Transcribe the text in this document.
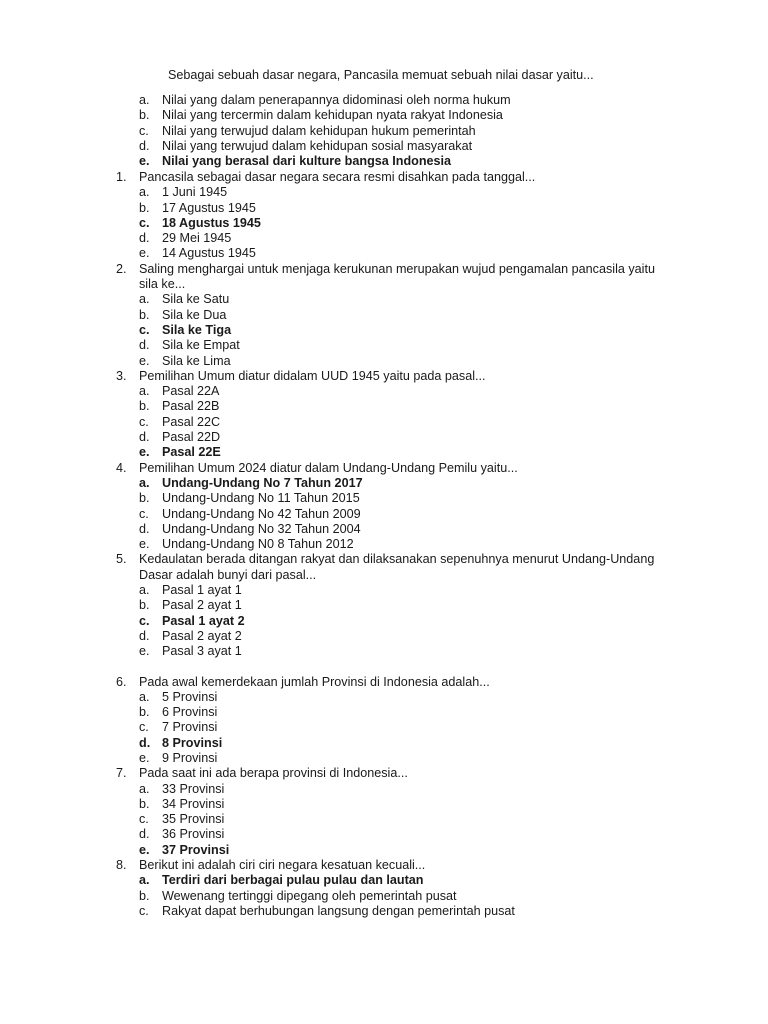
Sebagai sebuah dasar negara, Pancasila memuat sebuah nilai dasar yaitu...
a. Nilai yang dalam penerapannya didominasi oleh norma hukum
b. Nilai yang tercermin dalam kehidupan nyata rakyat Indonesia
c. Nilai yang terwujud dalam kehidupan hukum pemerintah
d. Nilai yang terwujud dalam kehidupan sosial masyarakat
e. Nilai yang berasal dari kulture bangsa Indonesia
1. Pancasila sebagai dasar negara secara resmi disahkan pada tanggal...
a. 1 Juni 1945
b. 17 Agustus 1945
c. 18 Agustus 1945
d. 29 Mei 1945
e. 14 Agustus 1945
2. Saling menghargai untuk menjaga kerukunan merupakan wujud pengamalan pancasila yaitu
sila ke...
a. Sila ke Satu
b. Sila ke Dua
c. Sila ke Tiga
d. Sila ke Empat
e. Sila ke Lima
3. Pemilihan Umum diatur didalam UUD 1945 yaitu pada pasal...
a. Pasal 22A
b. Pasal 22B
c. Pasal 22C
d. Pasal 22D
e. Pasal 22E
4. Pemilihan Umum 2024 diatur dalam Undang-Undang Pemilu yaitu...
a. Undang-Undang No 7 Tahun 2017
b. Undang-Undang No 11 Tahun 2015
c. Undang-Undang No 42 Tahun 2009
d. Undang-Undang No 32 Tahun 2004
e. Undang-Undang N0 8 Tahun 2012
5. Kedaulatan berada ditangan rakyat dan dilaksanakan sepenuhnya menurut Undang-Undang
Dasar adalah bunyi dari pasal...
a. Pasal 1 ayat 1
b. Pasal 2 ayat 1
c. Pasal 1 ayat 2
d. Pasal 2 ayat 2
e. Pasal 3 ayat 1
6. Pada awal kemerdekaan jumlah Provinsi di Indonesia adalah...
a. 5 Provinsi
b. 6 Provinsi
c. 7 Provinsi
d. 8 Provinsi
e. 9 Provinsi
7. Pada saat ini ada berapa provinsi di Indonesia...
a. 33 Provinsi
b. 34 Provinsi
c. 35 Provinsi
d. 36 Provinsi
e. 37 Provinsi
8. Berikut ini adalah ciri ciri negara kesatuan kecuali...
a. Terdiri dari berbagai pulau pulau dan lautan
b. Wewenang tertinggi dipegang oleh pemerintah pusat
c. Rakyat dapat berhubungan langsung dengan pemerintah pusat
